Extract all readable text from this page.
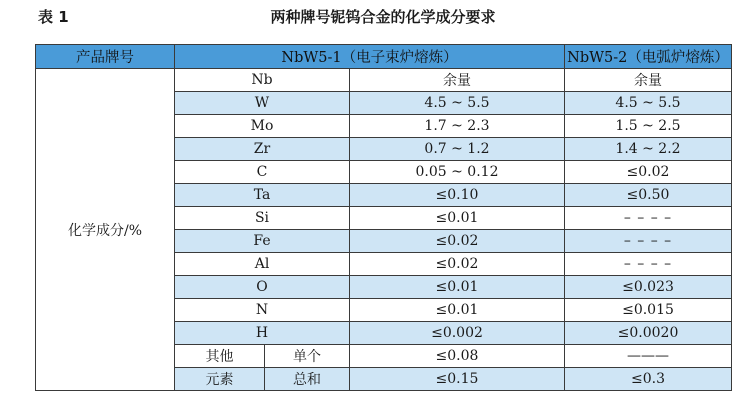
表 1	两种牌号铌钨合金的化学成分要求
产品牌号	NbW5-1（电子束炉熔炼）			NbW5-2（电弧炉熔炼）
化学成分/%	Nb		余量	余量
	W		4.5 ~ 5.5	4.5 ~ 5.5
	Mo		1.7 ~ 2.3	1.5 ~ 2.5
	Zr		0.7 ~ 1.2	1.4 ~ 2.2
	C		0.05 ~ 0.12	≤0.02
	Ta		≤0.10	≤0.50
	Si		≤0.01	– – – –
	Fe		≤0.02	– – – –
	Al		≤0.02	– – – –
	O		≤0.01	≤0.023
	N		≤0.01	≤0.015
	H		≤0.002	≤0.0020
	其他	单个	≤0.08	———
	元素	总和	≤0.15	≤0.3
